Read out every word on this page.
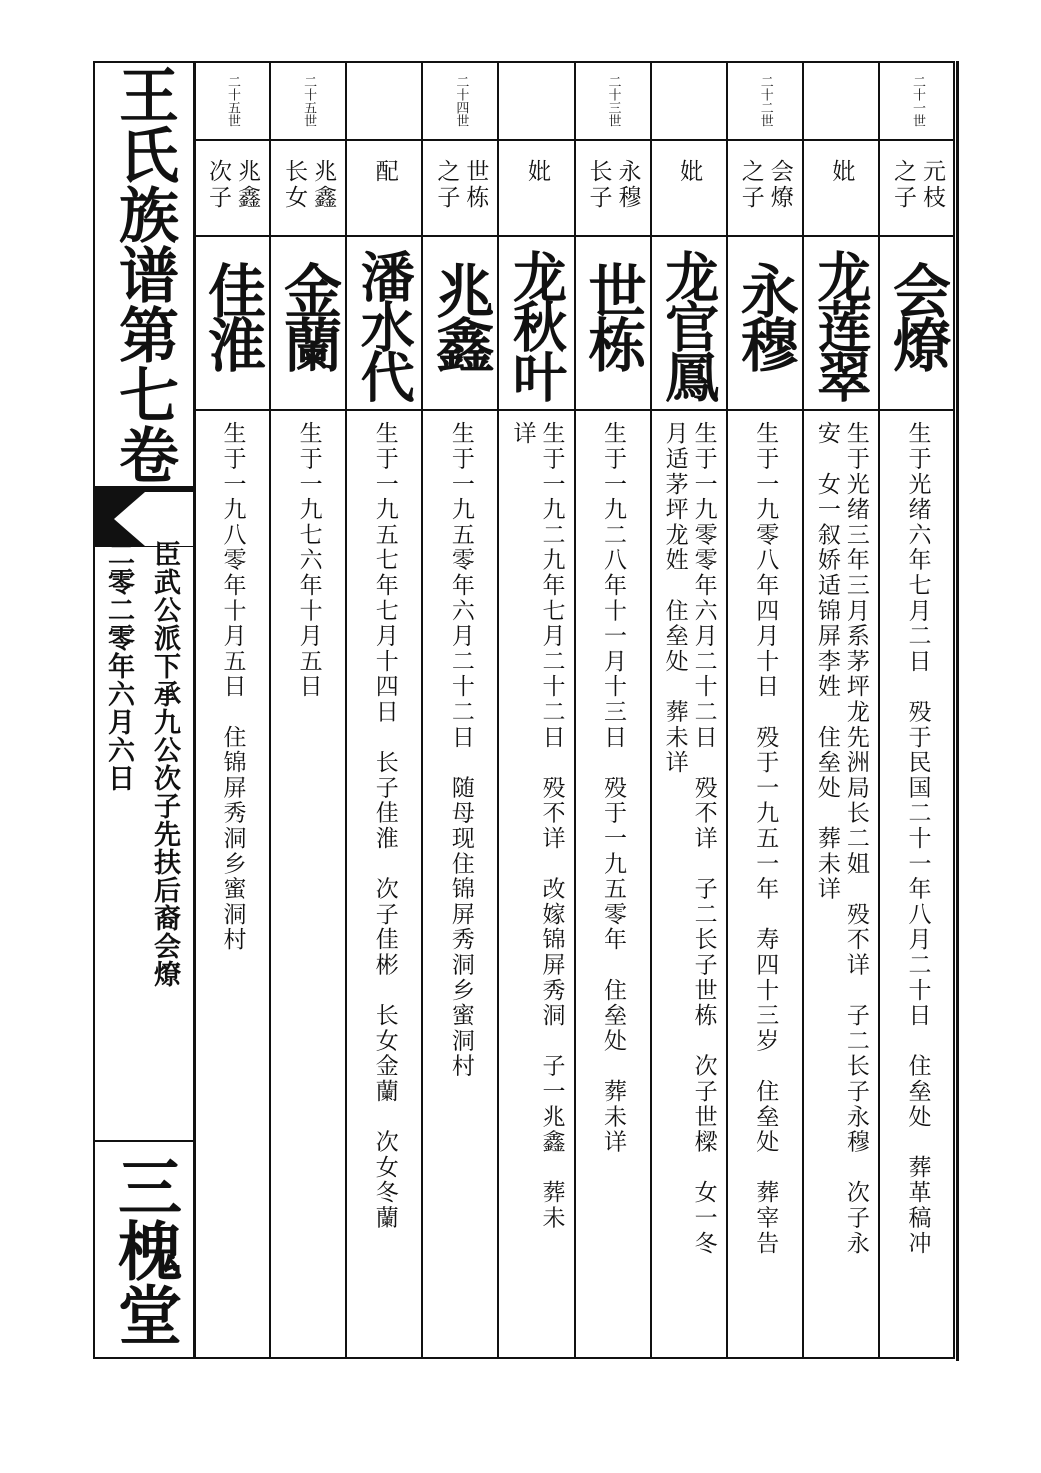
王氏族谱第七卷
臣武公派下承九公次子先扶后裔会燎
二零二零年六月六日
三槐堂
二十一世
元枝
之子
会燎
生于光绪六年七月二日　殁于民国二十一年八月二十日　住垒处　葬革稿冲
妣
龙莲翠
生于光绪三年三月系茅坪龙先洲局长二姐　殁不详　子二长子永穆　次子永
安　女一叙娇适锦屏李姓　住垒处　葬未详
二十二世
会燎
之子
永穆
生于一九零八年四月十日　殁于一九五一年　寿四十三岁　住垒处　葬宰告
妣
龙官鳳
生于一九零零年六月二十二日　殁不详　子二长子世栋　次子世樑　女一冬
月适茅坪龙姓　住垒处　葬未详
二十三世
永穆
长子
世栋
生于一九二八年十一月十三日　殁于一九五零年　住垒处　葬未详
妣
龙秋叶
生于一九二九年七月二十二日　殁不详　改嫁锦屏秀洞　子一兆鑫　葬未
详
二十四世
世栋
之子
兆鑫
生于一九五零年六月二十二日　随母现住锦屏秀洞乡蜜洞村
配
潘水代
生于一九五七年七月十四日　长子佳淮　次子佳彬　长女金蘭　次女冬蘭
二十五世
兆鑫
长女
金蘭
生于一九七六年十月五日
二十五世
兆鑫
次子
佳淮
生于一九八零年十月五日　住锦屏秀洞乡蜜洞村
